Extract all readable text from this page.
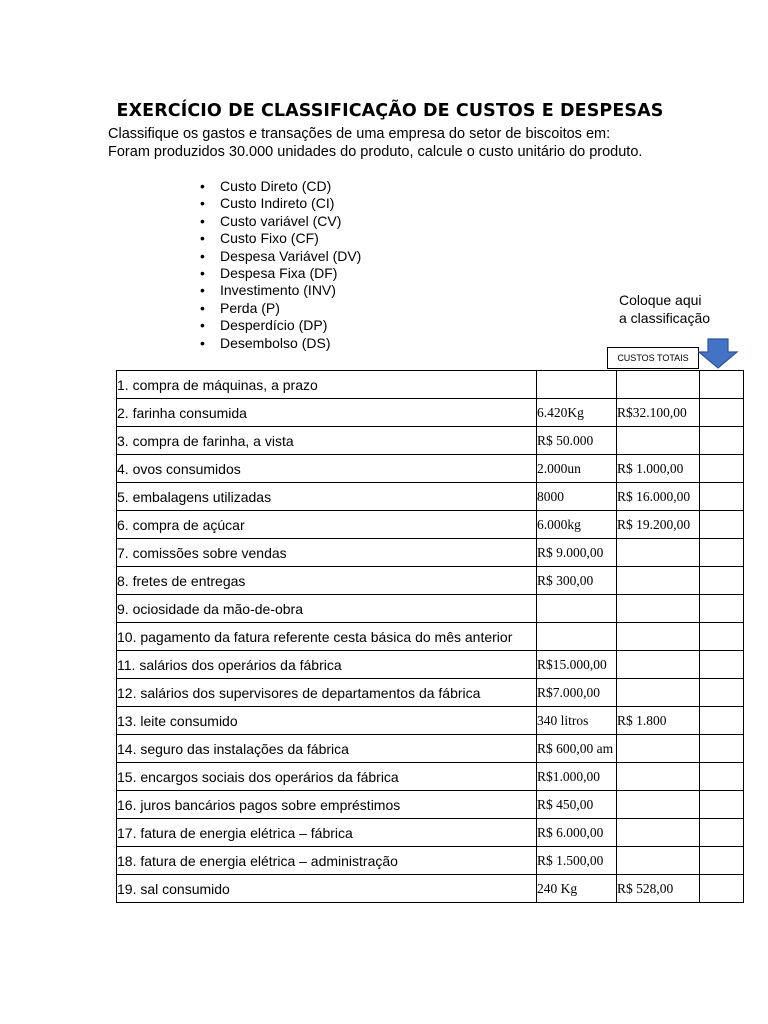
EXERCÍCIO DE CLASSIFICAÇÃO DE CUSTOS E DESPESAS
Classifique os gastos e transações de uma empresa do setor de biscoitos em:
Foram produzidos 30.000 unidades do produto, calcule o custo unitário do produto.
• Custo Direto (CD)
• Custo Indireto (CI)
• Custo variável (CV)
• Custo Fixo (CF)
• Despesa Variável (DV)
• Despesa Fixa (DF)
• Investimento (INV)
• Perda (P)
• Desperdício (DP)
• Desembolso (DS)
Coloque aqui
a classificação
CUSTOS TOTAIS
1. compra de máquinas, a prazo	

2. farinha consumida	6.420Kg	R$32.100,00	

3. compra de farinha, a vista	R$ 50.000		

4. ovos consumidos	2.000un	R$ 1.000,00	

5. embalagens utilizadas	8000	R$ 16.000,00	

6. compra de açúcar	6.000kg	R$ 19.200,00	

7. comissões sobre vendas	R$ 9.000,00		

8. fretes de entregas	R$ 300,00		

9. ociosidade da mão-de-obra	

10. pagamento da fatura referente cesta básica do mês anterior	

11. salários dos operários da fábrica	R$15.000,00		

12. salários dos supervisores de departamentos da fábrica	R$7.000,00		

13. leite consumido	340 litros	R$ 1.800	

14. seguro das instalações da fábrica	R$ 600,00 am		

15. encargos sociais dos operários da fábrica	R$1.000,00		

16. juros bancários pagos sobre empréstimos	R$ 450,00		

17. fatura de energia elétrica – fábrica	R$ 6.000,00		

18. fatura de energia elétrica – administração	R$ 1.500,00		

19. sal consumido	240 Kg	R$ 528,00	
